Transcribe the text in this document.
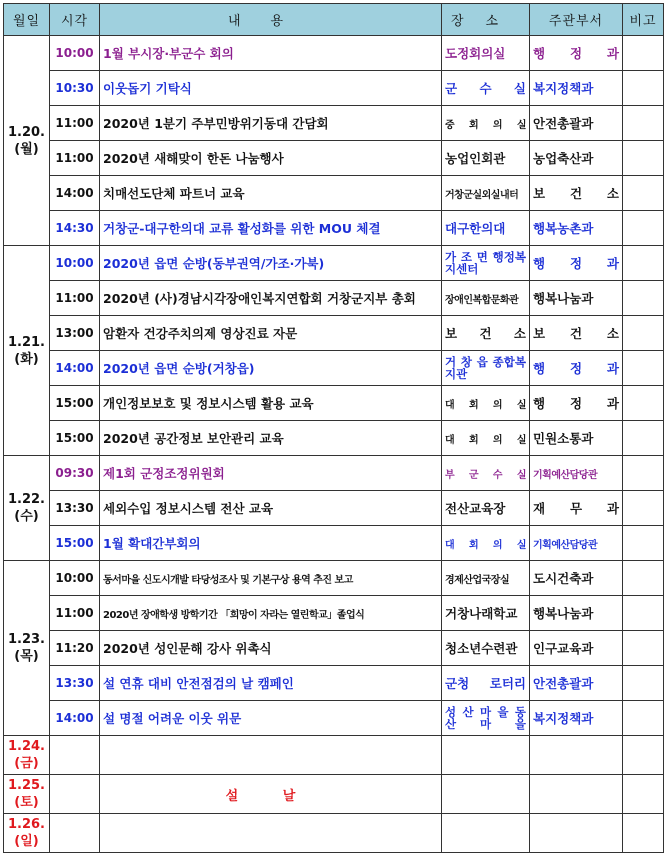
월일	시각	내용	장소	주관부서	비고

1.20.
(월)	10:00	1월 부시장·부군수 회의	도정회의실	행 정 과	
	10:30	이웃돕기 기탁식	군 수 실	복지정책과	
	11:00	2020년 1분기 주부민방위기동대 간담회	중 회 의 실	안전총괄과	
	11:00	2020년 새해맞이 한돈 나눔행사	농업인회관	농업축산과	
	14:00	치매선도단체 파트너 교육	거창군실외실내터	보 건 소	
	14:30	거창군-대구한의대 교류 활성화를 위한 MOU 체결	대구한의대	행복농촌과	

1.21.
(화)	10:00	2020년 읍면 순방(동부권역/가조·가북)	가 조 면 행정복지센터	행 정 과	
	11:00	2020년 (사)경남시각장애인복지연합회 거창군지부 총회	장애인복합문화관	행복나눔과	
	13:00	암환자 건강주치의제 영상진료 자문	보 건 소	보 건 소	
	14:00	2020년 읍면 순방(거창읍)	거 창 읍 종합복지관	행 정 과	
	15:00	개인정보보호 및 정보시스템 활용 교육	대 회 의 실	행 정 과	
	15:00	2020년 공간정보 보안관리 교육	대 회 의 실	민원소통과	

1.22.
(수)	09:30	제1회 군정조정위원회	부 군 수 실	기획예산담당관	
	13:30	세외수입 정보시스템 전산 교육	전산교육장	재 무 과	
	15:00	1월 확대간부회의	대 회 의 실	기획예산담당관	

1.23.
(목)	10:00	동서마을 신도시개발 타당성조사 및 기본구상 용역 추진 보고	경제산업국장실	도시건축과	
	11:00	2020년 장애학생 방학기간 「희망이 자라는 열린학교」졸업식	거창나래학교	행복나눔과	
	11:20	2020년 성인문해 강사 위촉식	청소년수련관	인구교육과	
	13:30	설 연휴 대비 안전점검의 날 캠페인	군청 로터리	안전총괄과	
	14:00	설 명절 어려운 이웃 위문	성 산 마 을 동 산 마 을	복지정책과	

1.24.
(금)					

1.25.
(토)		설 날			

1.26.
(일)					
